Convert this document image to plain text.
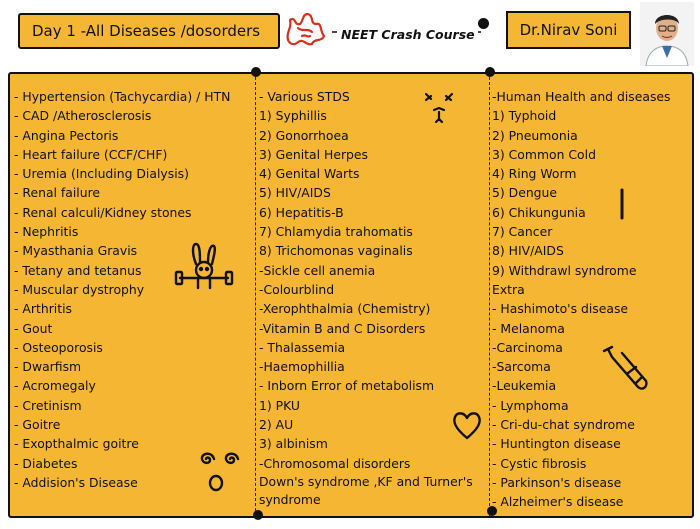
Day 1 -All Diseases /dosorders	NEET Crash Course	Dr.Nirav Soni
- Hypertension (Tachycardia) / HTN
- CAD /Atherosclerosis
- Angina Pectoris
- Heart failure (CCF/CHF)
- Uremia (Including Dialysis)
- Renal failure
- Renal calculi/Kidney stones
- Nephritis
- Myasthania Gravis
- Tetany and tetanus
- Muscular dystrophy
- Arthritis
- Gout
- Osteoporosis
- Dwarfism
- Acromegaly
- Cretinism
- Goitre
- Exopthalmic goitre
- Diabetes
- Addision's Disease
- Various STDS
1) Syphillis
2) Gonorrhoea
3) Genital Herpes
4) Genital Warts
5) HIV/AIDS
6) Hepatitis-B
7) Chlamydia trahomatis
8) Trichomonas vaginalis
-Sickle cell anemia
-Colourblind
-Xerophthalmia (Chemistry)
-Vitamin B and C Disorders
- Thalassemia
-Haemophillia
- Inborn Error of metabolism
1) PKU
2) AU
3) albinism
-Chromosomal disorders
Down's syndrome ,KF and Turner's syndrome
-Human Health and diseases
1) Typhoid
2) Pneumonia
3) Common Cold
4) Ring Worm
5) Dengue
6) Chikungunia
7) Cancer
8) HIV/AIDS
9) Withdrawl syndrome
Extra
- Hashimoto's disease
- Melanoma
-Carcinoma
-Sarcoma
-Leukemia
- Lymphoma
- Cri-du-chat syndrome
- Huntington disease
- Cystic fibrosis
- Parkinson's disease
- Alzheimer's disease
